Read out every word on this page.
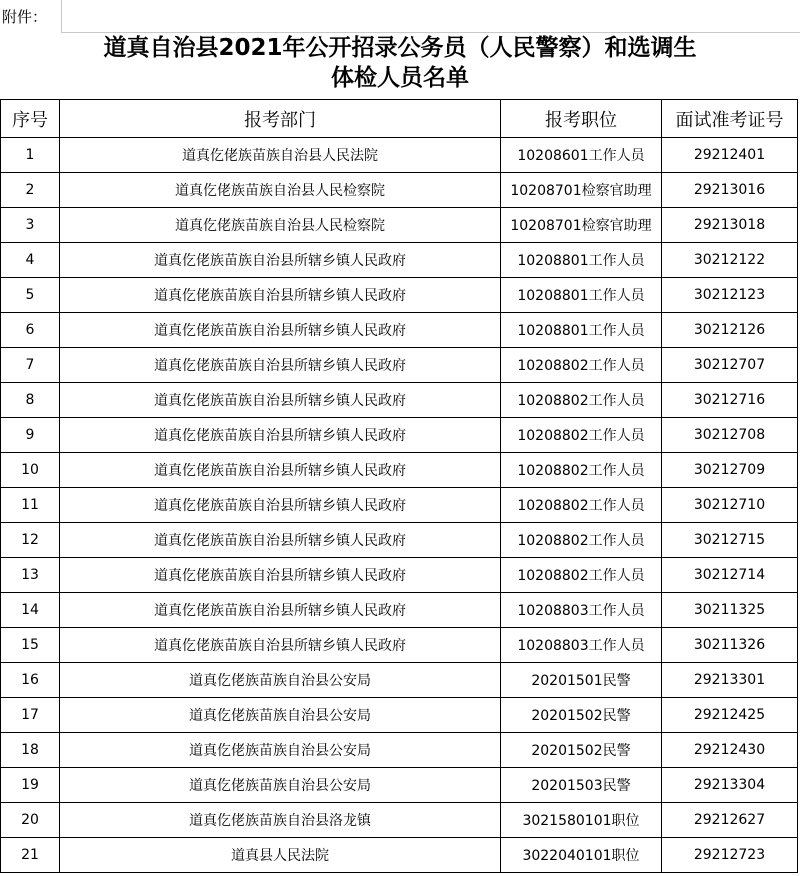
附件：
道真自治县2021年公开招录公务员（人民警察）和选调生
体检人员名单
序号	报考部门	报考职位	面试准考证号
1	道真仡佬族苗族自治县人民法院	10208601工作人员	29212401
2	道真仡佬族苗族自治县人民检察院	10208701检察官助理	29213016
3	道真仡佬族苗族自治县人民检察院	10208701检察官助理	29213018
4	道真仡佬族苗族自治县所辖乡镇人民政府	10208801工作人员	30212122
5	道真仡佬族苗族自治县所辖乡镇人民政府	10208801工作人员	30212123
6	道真仡佬族苗族自治县所辖乡镇人民政府	10208801工作人员	30212126
7	道真仡佬族苗族自治县所辖乡镇人民政府	10208802工作人员	30212707
8	道真仡佬族苗族自治县所辖乡镇人民政府	10208802工作人员	30212716
9	道真仡佬族苗族自治县所辖乡镇人民政府	10208802工作人员	30212708
10	道真仡佬族苗族自治县所辖乡镇人民政府	10208802工作人员	30212709
11	道真仡佬族苗族自治县所辖乡镇人民政府	10208802工作人员	30212710
12	道真仡佬族苗族自治县所辖乡镇人民政府	10208802工作人员	30212715
13	道真仡佬族苗族自治县所辖乡镇人民政府	10208802工作人员	30212714
14	道真仡佬族苗族自治县所辖乡镇人民政府	10208803工作人员	30211325
15	道真仡佬族苗族自治县所辖乡镇人民政府	10208803工作人员	30211326
16	道真仡佬族苗族自治县公安局	20201501民警	29213301
17	道真仡佬族苗族自治县公安局	20201502民警	29212425
18	道真仡佬族苗族自治县公安局	20201502民警	29212430
19	道真仡佬族苗族自治县公安局	20201503民警	29213304
20	道真仡佬族苗族自治县洛龙镇	3021580101职位	29212627
21	道真县人民法院	3022040101职位	29212723
